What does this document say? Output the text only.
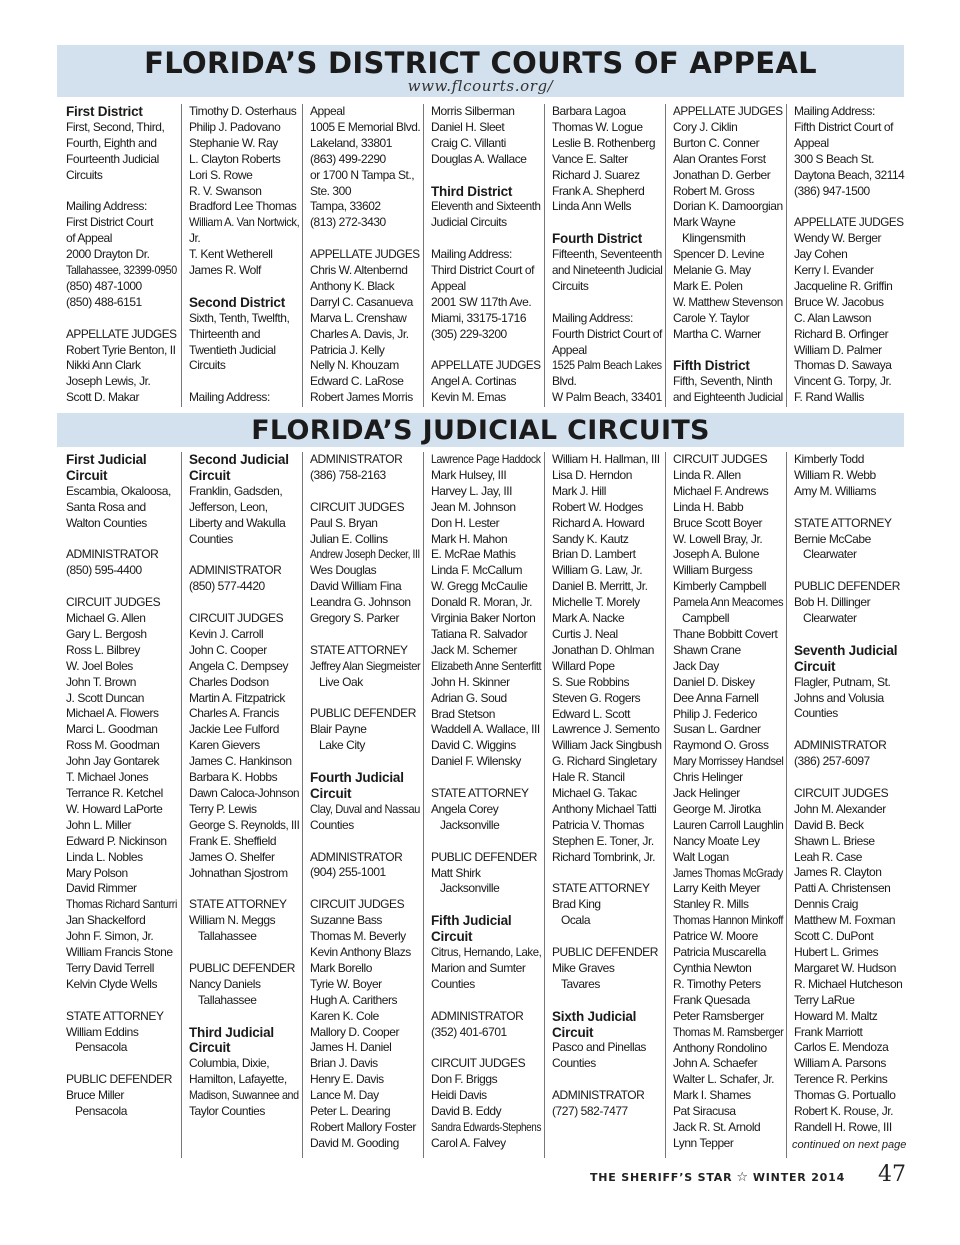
FLORIDA’S DISTRICT COURTS OF APPEAL
www.flcourts.org/
First District
First, Second, Third,
Fourth, Eighth and
Fourteenth Judicial
Circuits
Mailing Address:
First District Court
of Appeal
2000 Drayton Dr.
Tallahassee, 32399-0950
(850) 487-1000
(850) 488-6151
APPELLATE JUDGES
Robert Tyrie Benton, II
Nikki Ann Clark
Joseph Lewis, Jr.
Scott D. Makar
Timothy D. Osterhaus
Philip J. Padovano
Stephanie W. Ray
L. Clayton Roberts
Lori S. Rowe
R. V. Swanson
Bradford Lee Thomas
William A. Van Nortwick,
Jr.
T. Kent Wetherell
James R. Wolf
Second District
Sixth, Tenth, Twelfth,
Thirteenth and
Twentieth Judicial
Circuits
Mailing Address:
Appeal
1005 E Memorial Blvd.
Lakeland, 33801
(863) 499-2290
or 1700 N Tampa St.,
Ste. 300
Tampa, 33602
(813) 272-3430
APPELLATE JUDGES
Chris W. Altenbernd
Anthony K. Black
Darryl C. Casanueva
Marva L. Crenshaw
Charles A. Davis, Jr.
Patricia J. Kelly
Nelly N. Khouzam
Edward C. LaRose
Robert James Morris
Morris Silberman
Daniel H. Sleet
Craig C. Villanti
Douglas A. Wallace
Third District
Eleventh and Sixteenth
Judicial Circuits
Mailing Address:
Third District Court of
Appeal
2001 SW 117th Ave.
Miami, 33175-1716
(305) 229-3200
APPELLATE JUDGES
Angel A. Cortinas
Kevin M. Emas
Barbara Lagoa
Thomas W. Logue
Leslie B. Rothenberg
Vance E. Salter
Richard J. Suarez
Frank A. Shepherd
Linda Ann Wells
Fourth District
Fifteenth, Seventeenth
and Nineteenth Judicial
Circuits
Mailing Address:
Fourth District Court of
Appeal
1525 Palm Beach Lakes
Blvd.
W Palm Beach, 33401
APPELLATE JUDGES
Cory J. Ciklin
Burton C. Conner
Alan Orantes Forst
Jonathan D. Gerber
Robert M. Gross
Dorian K. Damoorgian
Mark Wayne
Klingensmith
Spencer D. Levine
Melanie G. May
Mark E. Polen
W. Matthew Stevenson
Carole Y. Taylor
Martha C. Warner
Fifth District
Fifth, Seventh, Ninth
and Eighteenth Judicial
Mailing Address:
Fifth District Court of
Appeal
300 S Beach St.
Daytona Beach, 32114
(386) 947-1500
APPELLATE JUDGES
Wendy W. Berger
Jay Cohen
Kerry I. Evander
Jacqueline R. Griffin
Bruce W. Jacobus
C. Alan Lawson
Richard B. Orfinger
William D. Palmer
Thomas D. Sawaya
Vincent G. Torpy, Jr.
F. Rand Wallis
FLORIDA’S JUDICIAL CIRCUITS
First Judicial
Circuit
Escambia, Okaloosa,
Santa Rosa and
Walton Counties
ADMINISTRATOR
(850) 595-4400
CIRCUIT JUDGES
Michael G. Allen
Gary L. Bergosh
Ross L. Bilbrey
W. Joel Boles
John T. Brown
J. Scott Duncan
Michael A. Flowers
Marci L. Goodman
Ross M. Goodman
John Jay Gontarek
T. Michael Jones
Terrance R. Ketchel
W. Howard LaPorte
John L. Miller
Edward P. Nickinson
Linda L. Nobles
Mary Polson
David Rimmer
Thomas Richard Santurri
Jan Shackelford
John F. Simon, Jr.
William Francis Stone
Terry David Terrell
Kelvin Clyde Wells
STATE ATTORNEY
William Eddins
Pensacola
PUBLIC DEFENDER
Bruce Miller
Pensacola
Second Judicial
Circuit
Franklin, Gadsden,
Jefferson, Leon,
Liberty and Wakulla
Counties
ADMINISTRATOR
(850) 577-4420
CIRCUIT JUDGES
Kevin J. Carroll
John C. Cooper
Angela C. Dempsey
Charles Dodson
Martin A. Fitzpatrick
Charles A. Francis
Jackie Lee Fulford
Karen Gievers
James C. Hankinson
Barbara K. Hobbs
Dawn Caloca-Johnson
Terry P. Lewis
George S. Reynolds, III
Frank E. Sheffield
James O. Shelfer
Johnathan Sjostrom
STATE ATTORNEY
William N. Meggs
Tallahassee
PUBLIC DEFENDER
Nancy Daniels
Tallahassee
Third Judicial
Circuit
Columbia, Dixie,
Hamilton, Lafayette,
Madison, Suwannee and
Taylor Counties
ADMINISTRATOR
(386) 758-2163
CIRCUIT JUDGES
Paul S. Bryan
Julian E. Collins
Andrew Joseph Decker, III
Wes Douglas
David William Fina
Leandra G. Johnson
Gregory S. Parker
STATE ATTORNEY
Jeffrey Alan Siegmeister
Live Oak
PUBLIC DEFENDER
Blair Payne
Lake City
Fourth Judicial
Circuit
Clay, Duval and Nassau
Counties
ADMINISTRATOR
(904) 255-1001
CIRCUIT JUDGES
Suzanne Bass
Thomas M. Beverly
Kevin Anthony Blazs
Mark Borello
Tyrie W. Boyer
Hugh A. Carithers
Karen K. Cole
Mallory D. Cooper
James H. Daniel
Brian J. Davis
Henry E. Davis
Lance M. Day
Peter L. Dearing
Robert Mallory Foster
David M. Gooding
Lawrence Page Haddock
Mark Hulsey, III
Harvey L. Jay, III
Jean M. Johnson
Don H. Lester
Mark H. Mahon
E. McRae Mathis
Linda F. McCallum
W. Gregg McCaulie
Donald R. Moran, Jr.
Virginia Baker Norton
Tatiana R. Salvador
Jack M. Schemer
Elizabeth Anne Senterfitt
John H. Skinner
Adrian G. Soud
Brad Stetson
Waddell A. Wallace, III
David C. Wiggins
Daniel F. Wilensky
STATE ATTORNEY
Angela Corey
Jacksonville
PUBLIC DEFENDER
Matt Shirk
Jacksonville
Fifth Judicial
Circuit
Citrus, Hernando, Lake,
Marion and Sumter
Counties
ADMINISTRATOR
(352) 401-6701
CIRCUIT JUDGES
Don F. Briggs
Heidi Davis
David B. Eddy
Sandra Edwards-Stephens
Carol A. Falvey
William H. Hallman, III
Lisa D. Herndon
Mark J. Hill
Robert W. Hodges
Richard A. Howard
Sandy K. Kautz
Brian D. Lambert
William G. Law, Jr.
Daniel B. Merritt, Jr.
Michelle T. Morely
Mark A. Nacke
Curtis J. Neal
Jonathan D. Ohlman
Willard Pope
S. Sue Robbins
Steven G. Rogers
Edward L. Scott
Lawrence J. Semento
William Jack Singbush
G. Richard Singletary
Hale R. Stancil
Michael G. Takac
Anthony Michael Tatti
Patricia V. Thomas
Stephen E. Toner, Jr.
Richard Tombrink, Jr.
STATE ATTORNEY
Brad King
Ocala
PUBLIC DEFENDER
Mike Graves
Tavares
Sixth Judicial
Circuit
Pasco and Pinellas
Counties
ADMINISTRATOR
(727) 582-7477
CIRCUIT JUDGES
Linda R. Allen
Michael F. Andrews
Linda H. Babb
Bruce Scott Boyer
W. Lowell Bray, Jr.
Joseph A. Bulone
William Burgess
Kimberly Campbell
Pamela Ann Meacomes
Campbell
Thane Bobbitt Covert
Shawn Crane
Jack Day
Daniel D. Diskey
Dee Anna Farnell
Philip J. Federico
Susan L. Gardner
Raymond O. Gross
Mary Morrissey Handsel
Chris Helinger
Jack Helinger
George M. Jirotka
Lauren Carroll Laughlin
Nancy Moate Ley
Walt Logan
James Thomas McGrady
Larry Keith Meyer
Stanley R. Mills
Thomas Hannon Minkoff
Patrice W. Moore
Patricia Muscarella
Cynthia Newton
R. Timothy Peters
Frank Quesada
Peter Ramsberger
Thomas M. Ramsberger
Anthony Rondolino
John A. Schaefer
Walter L. Schafer, Jr.
Mark I. Shames
Pat Siracusa
Jack R. St. Arnold
Lynn Tepper
Kimberly Todd
William R. Webb
Amy M. Williams
STATE ATTORNEY
Bernie McCabe
Clearwater
PUBLIC DEFENDER
Bob H. Dillinger
Clearwater
Seventh Judicial
Circuit
Flagler, Putnam, St.
Johns and Volusia
Counties
ADMINISTRATOR
(386) 257-6097
CIRCUIT JUDGES
John M. Alexander
David B. Beck
Shawn L. Briese
Leah R. Case
James R. Clayton
Patti A. Christensen
Dennis Craig
Matthew M. Foxman
Scott C. DuPont
Hubert L. Grimes
Margaret W. Hudson
R. Michael Hutcheson
Terry LaRue
Howard M. Maltz
Frank Marriott
Carlos E. Mendoza
William A. Parsons
Terence R. Perkins
Thomas G. Portuallo
Robert K. Rouse, Jr.
Randell H. Rowe, III
continued on next page
THE SHERIFF’S STAR ☆ WINTER 2014 47
